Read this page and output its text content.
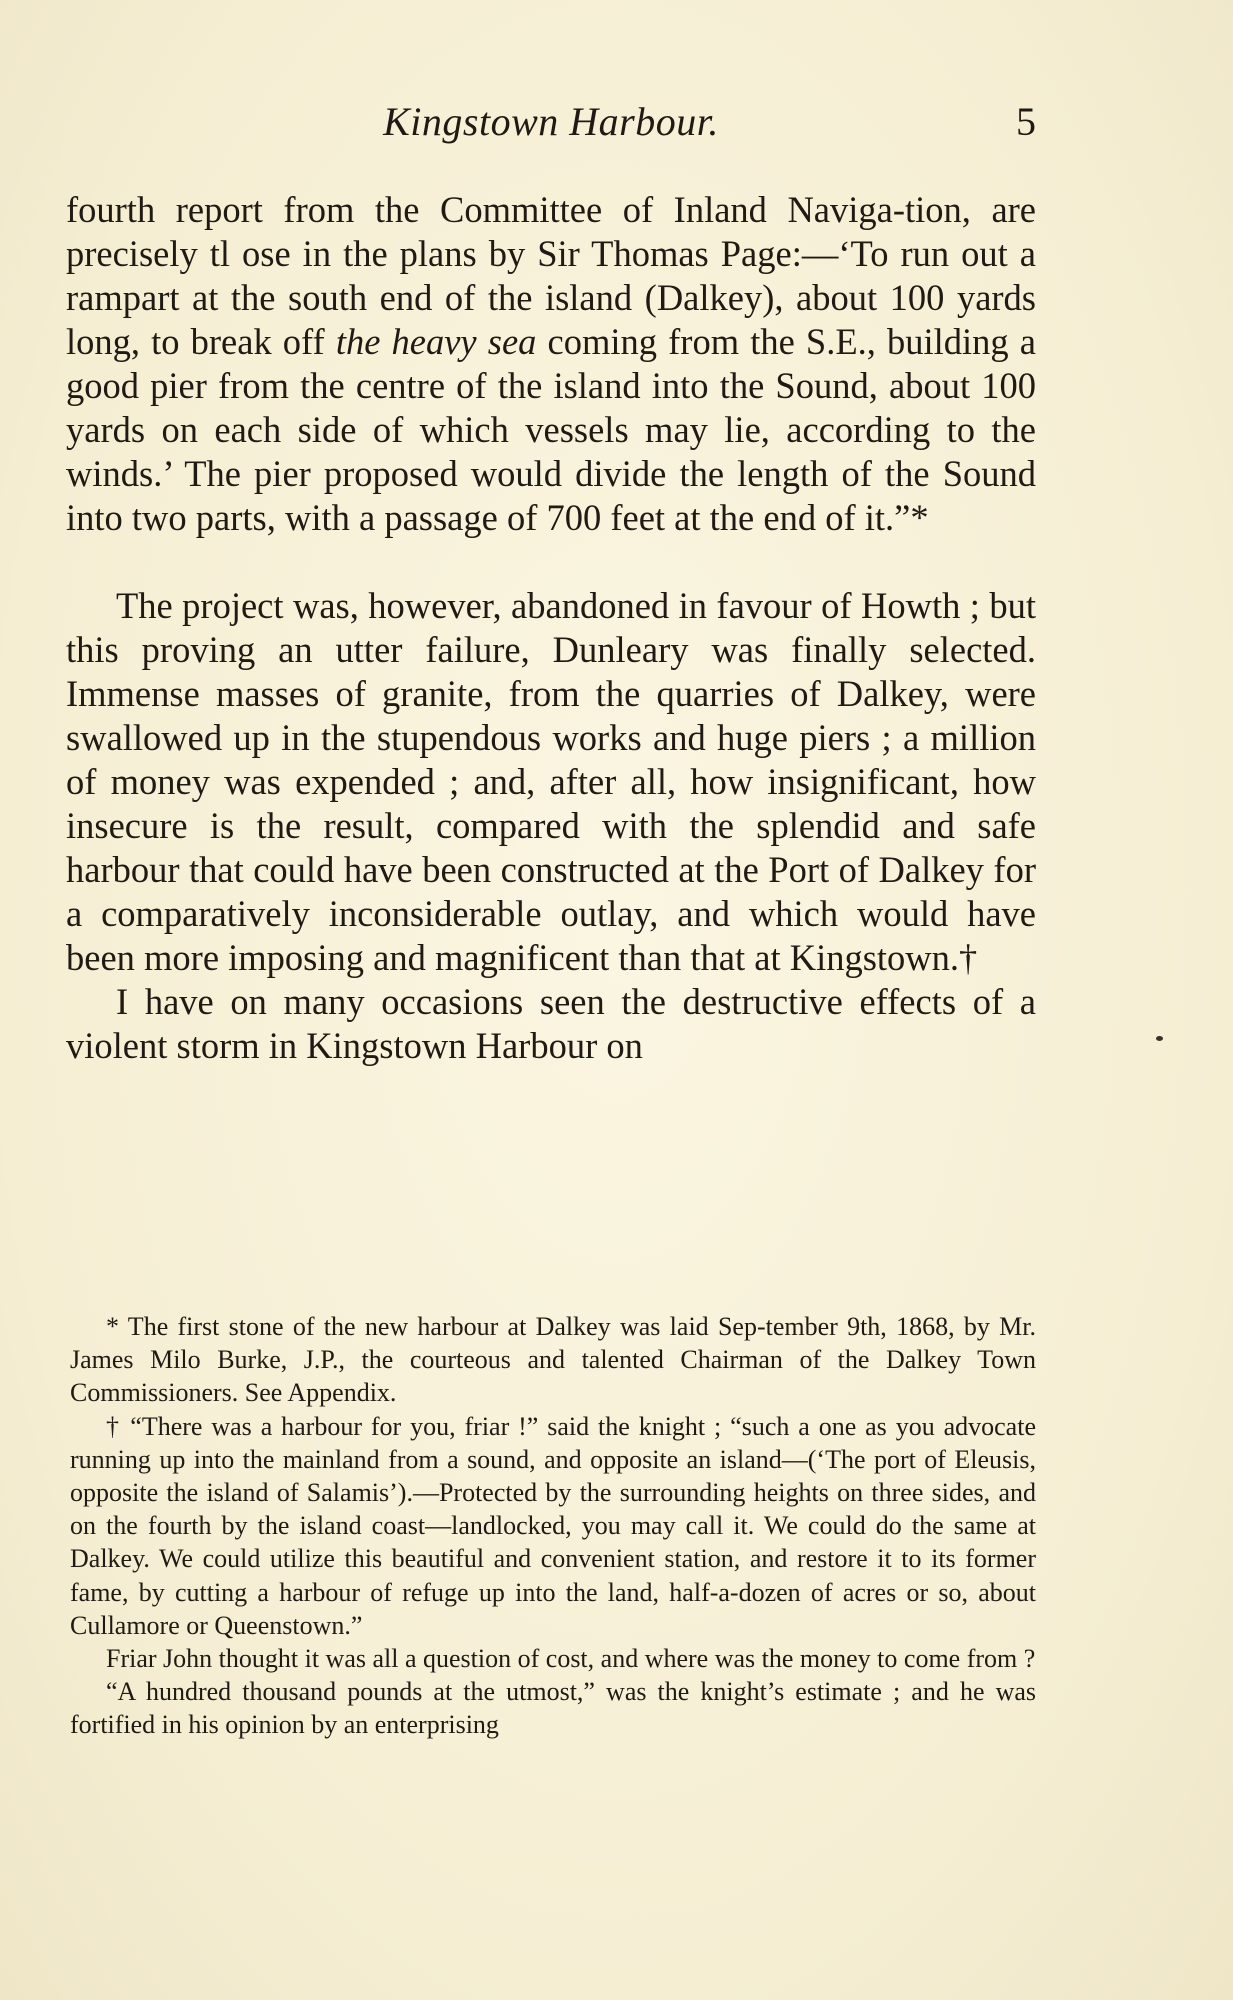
Kingstown Harbour.	5

fourth report from the Committee of Inland Naviga-tion, are precisely tl ose in the plans by Sir Thomas Page:—‘To run out a rampart at the south end of the island (Dalkey), about 100 yards long, to break off the heavy sea coming from the S.E., building a good pier from the centre of the island into the Sound, about 100 yards on each side of which vessels may lie, according to the winds.’ The pier proposed would divide the length of the Sound into two parts, with a passage of 700 feet at the end of it.”*

The project was, however, abandoned in favour of Howth ; but this proving an utter failure, Dunleary was finally selected. Immense masses of granite, from the quarries of Dalkey, were swallowed up in the stupendous works and huge piers ; a million of money was expended ; and, after all, how insignificant, how insecure is the result, compared with the splendid and safe harbour that could have been constructed at the Port of Dalkey for a comparatively inconsiderable outlay, and which would have been more imposing and magnificent than that at Kingstown.†

I have on many occasions seen the destructive effects of a violent storm in Kingstown Harbour on

* The first stone of the new harbour at Dalkey was laid Sep-tember 9th, 1868, by Mr. James Milo Burke, J.P., the courteous and talented Chairman of the Dalkey Town Commissioners. See Appendix.

† “There was a harbour for you, friar !” said the knight ; “such a one as you advocate running up into the mainland from a sound, and opposite an island—(‘The port of Eleusis, opposite the island of Salamis’).—Protected by the surrounding heights on three sides, and on the fourth by the island coast—landlocked, you may call it. We could do the same at Dalkey. We could utilize this beautiful and convenient station, and restore it to its former fame, by cutting a harbour of refuge up into the land, half-a-dozen of acres or so, about Cullamore or Queenstown.”

Friar John thought it was all a question of cost, and where was the money to come from ?

“A hundred thousand pounds at the utmost,” was the knight’s estimate ; and he was fortified in his opinion by an enterprising
